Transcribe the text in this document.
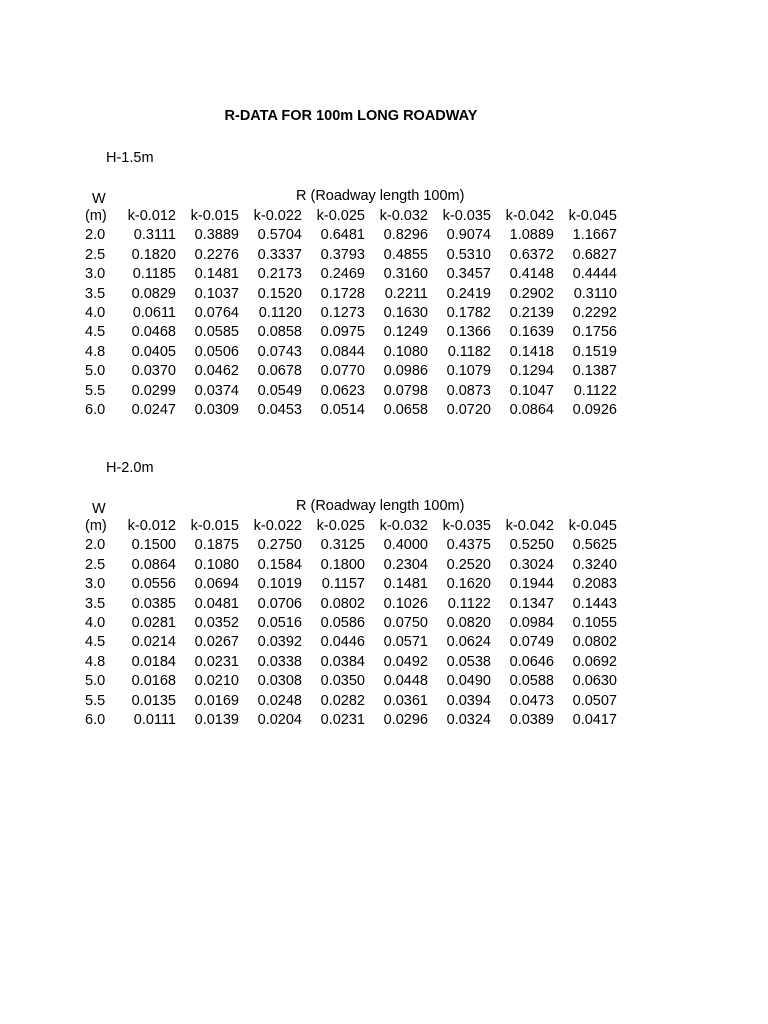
R-DATA FOR 100m LONG ROADWAY
H-1.5m
W	R (Roadway length 100m)
(m)	k-0.012	k-0.015	k-0.022	k-0.025	k-0.032	k-0.035	k-0.042	k-0.045
2.0	0.3111	0.3889	0.5704	0.6481	0.8296	0.9074	1.0889	1.1667
2.5	0.1820	0.2276	0.3337	0.3793	0.4855	0.5310	0.6372	0.6827
3.0	0.1185	0.1481	0.2173	0.2469	0.3160	0.3457	0.4148	0.4444
3.5	0.0829	0.1037	0.1520	0.1728	0.2211	0.2419	0.2902	0.3110
4.0	0.0611	0.0764	0.1120	0.1273	0.1630	0.1782	0.2139	0.2292
4.5	0.0468	0.0585	0.0858	0.0975	0.1249	0.1366	0.1639	0.1756
4.8	0.0405	0.0506	0.0743	0.0844	0.1080	0.1182	0.1418	0.1519
5.0	0.0370	0.0462	0.0678	0.0770	0.0986	0.1079	0.1294	0.1387
5.5	0.0299	0.0374	0.0549	0.0623	0.0798	0.0873	0.1047	0.1122
6.0	0.0247	0.0309	0.0453	0.0514	0.0658	0.0720	0.0864	0.0926
H-2.0m
W	R (Roadway length 100m)
(m)	k-0.012	k-0.015	k-0.022	k-0.025	k-0.032	k-0.035	k-0.042	k-0.045
2.0	0.1500	0.1875	0.2750	0.3125	0.4000	0.4375	0.5250	0.5625
2.5	0.0864	0.1080	0.1584	0.1800	0.2304	0.2520	0.3024	0.3240
3.0	0.0556	0.0694	0.1019	0.1157	0.1481	0.1620	0.1944	0.2083
3.5	0.0385	0.0481	0.0706	0.0802	0.1026	0.1122	0.1347	0.1443
4.0	0.0281	0.0352	0.0516	0.0586	0.0750	0.0820	0.0984	0.1055
4.5	0.0214	0.0267	0.0392	0.0446	0.0571	0.0624	0.0749	0.0802
4.8	0.0184	0.0231	0.0338	0.0384	0.0492	0.0538	0.0646	0.0692
5.0	0.0168	0.0210	0.0308	0.0350	0.0448	0.0490	0.0588	0.0630
5.5	0.0135	0.0169	0.0248	0.0282	0.0361	0.0394	0.0473	0.0507
6.0	0.0111	0.0139	0.0204	0.0231	0.0296	0.0324	0.0389	0.0417
